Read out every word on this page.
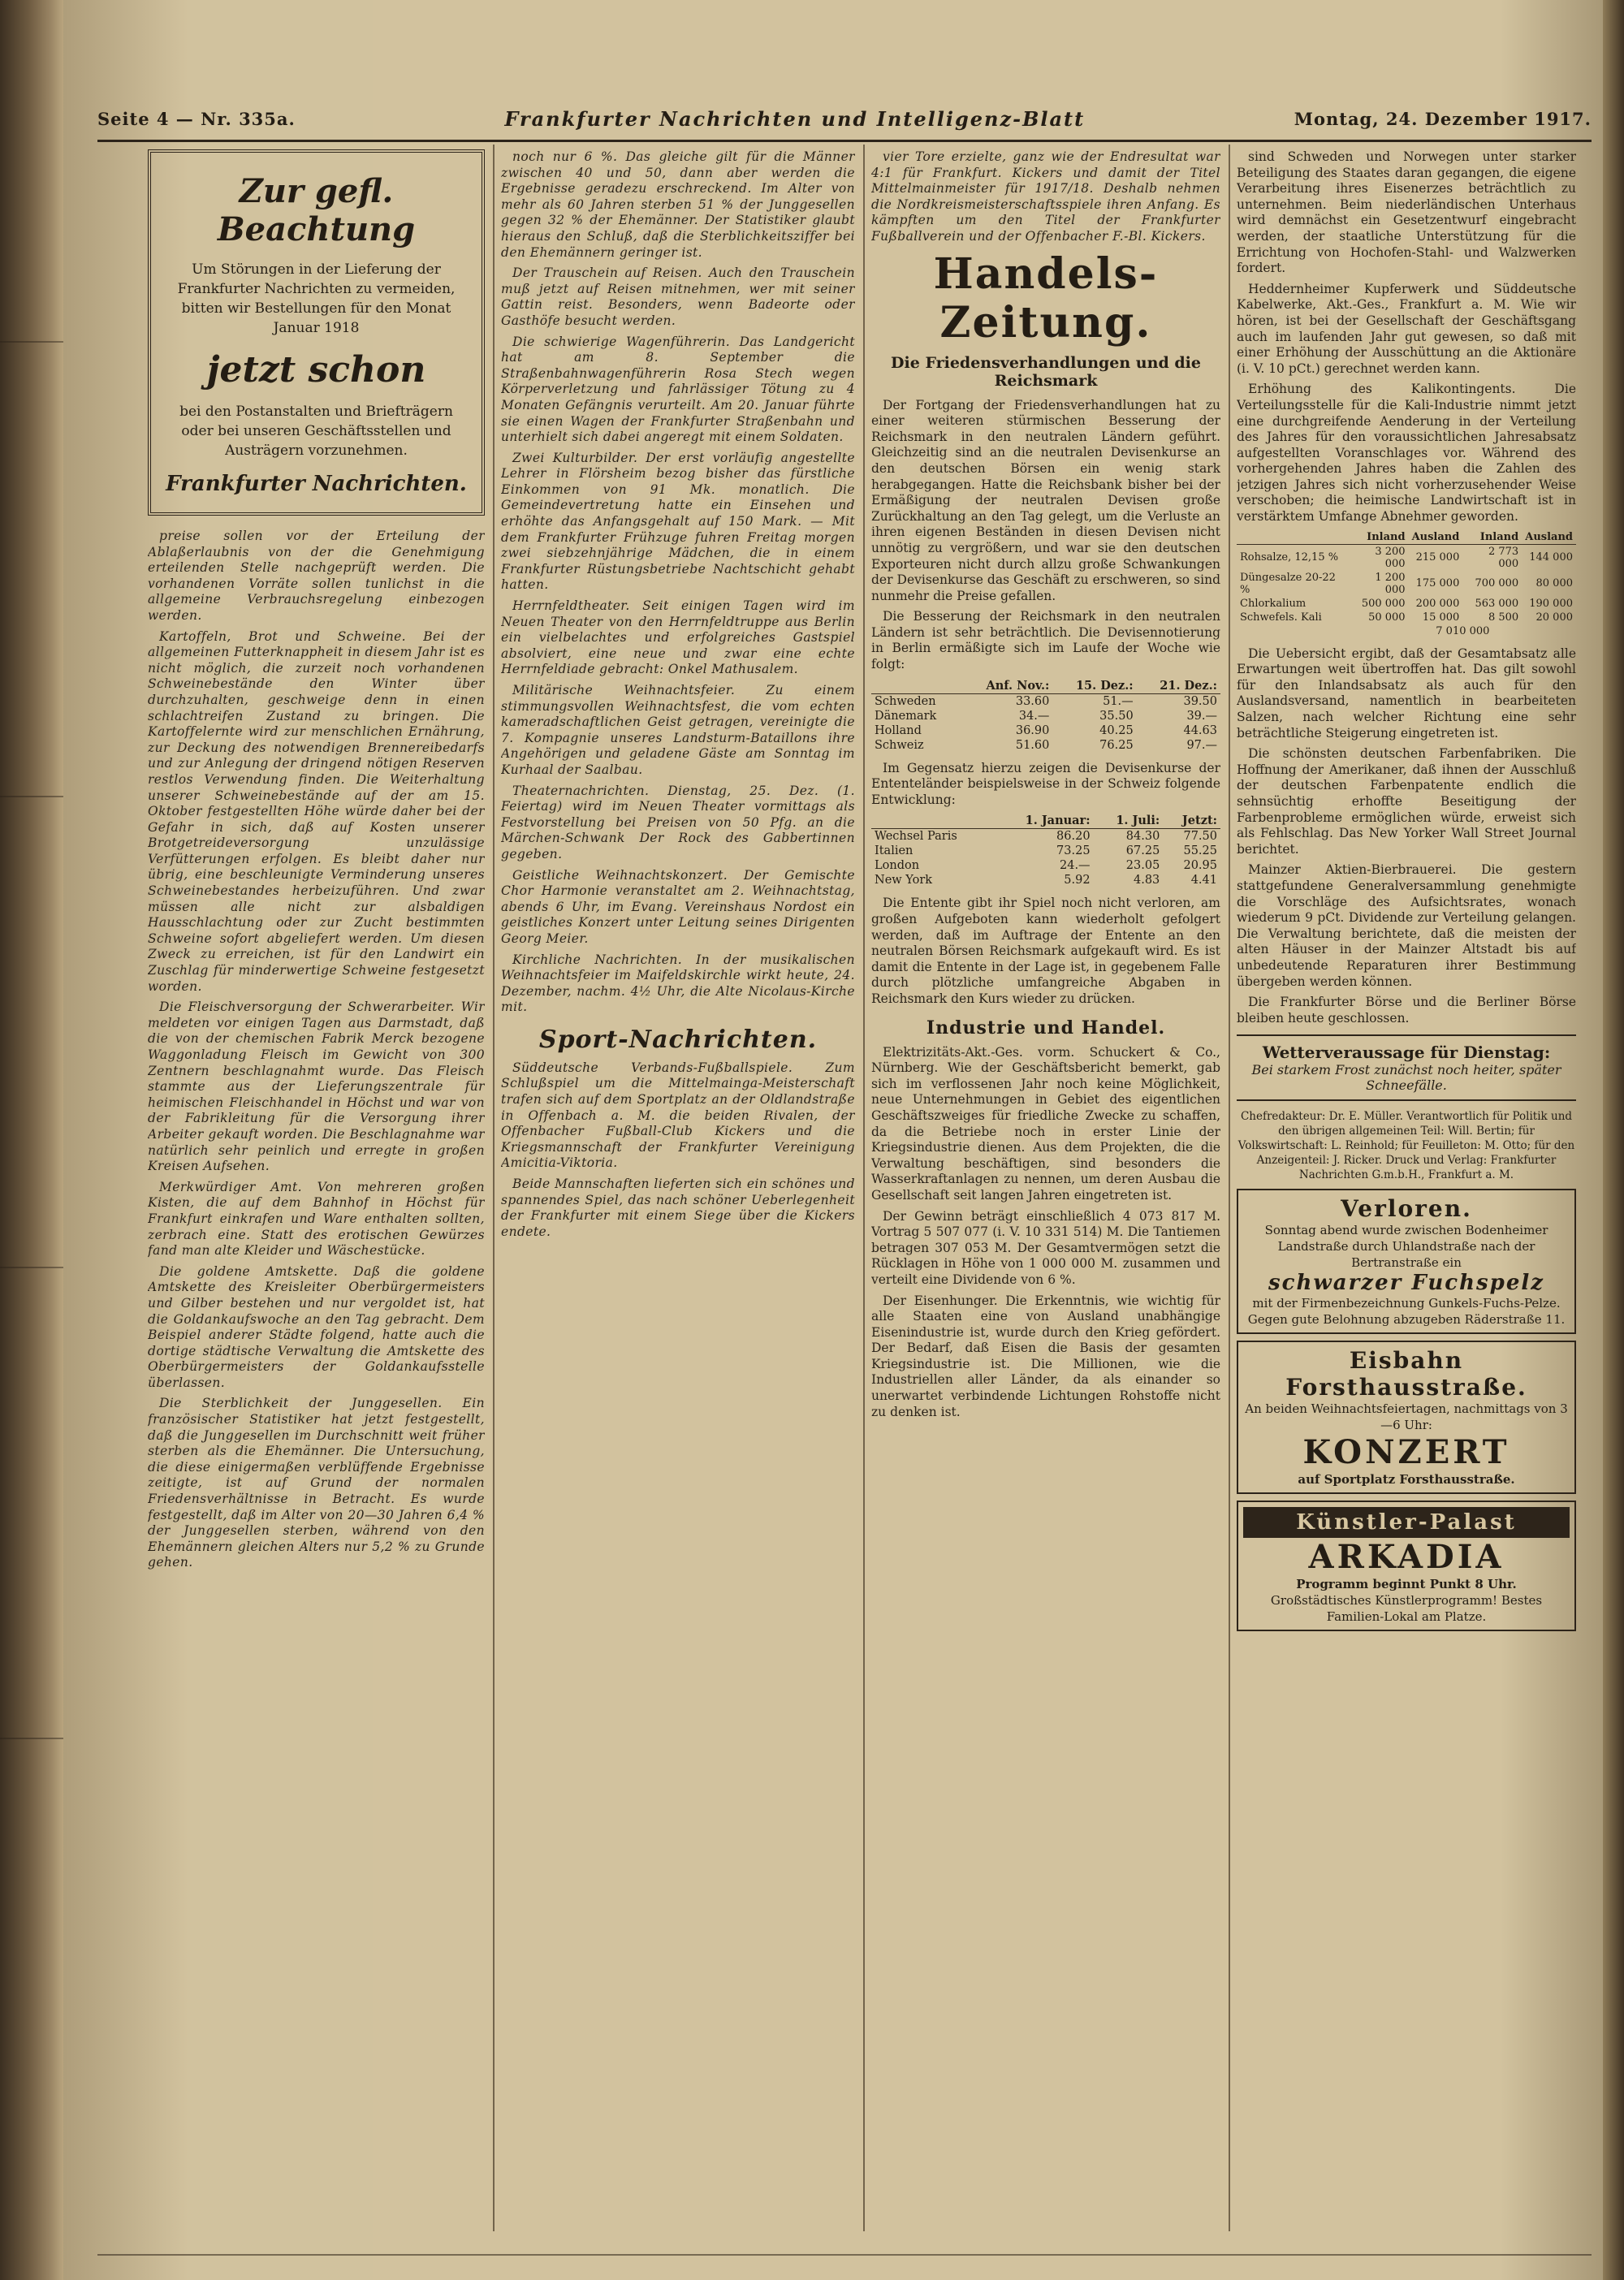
Seite 4 — Nr. 335a.	Frankfurter Nachrichten und Intelligenz-Blatt	Montag, 24. Dezember 1917.
Zur gefl. Beachtung

Um Störungen in der Lieferung der Frankfurter Nachrichten zu vermeiden, bitten wir Bestellungen für den Monat Januar 1918

jetzt schon

bei den Postanstalten und Briefträgern oder bei unseren Geschäftsstellen und Austrägern vorzunehmen.

Frankfurter Nachrichten.

preise sollen vor der Erteilung der Ablaßerlaubnis von der die Genehmigung erteilenden Stelle nachgeprüft werden. Die vorhandenen Vorräte sollen tunlichst in die allgemeine Verbrauchsregelung einbezogen werden.

Kartoffeln, Brot und Schweine. Bei der allgemeinen Futterknappheit in diesem Jahr ist es nicht möglich, die zurzeit noch vorhandenen Schweinebestände den Winter über durchzuhalten, geschweige denn in einen schlachtreifen Zustand zu bringen. Die Kartoffelernte wird zur menschlichen Ernährung, zur Deckung des notwendigen Brennereibedarfs und zur Anlegung der dringend nötigen Reserven restlos Verwendung finden. Die Weiterhaltung unserer Schweinebestände auf der am 15. Oktober festgestellten Höhe würde daher bei der Gefahr in sich, daß auf Kosten unserer Brotgetreideversorgung unzulässige Verfütterungen erfolgen. Es bleibt daher nur übrig, eine beschleunigte Verminderung unseres Schweinebestandes herbeizuführen. Und zwar müssen alle nicht zur alsbaldigen Hausschlachtung oder zur Zucht bestimmten Schweine sofort abgeliefert werden. Um diesen Zweck zu erreichen, ist für den Landwirt ein Zuschlag für minderwertige Schweine festgesetzt worden.

Die Fleischversorgung der Schwerarbeiter. Wir meldeten vor einigen Tagen aus Darmstadt, daß die von der chemischen Fabrik Merck bezogene Waggonladung Fleisch im Gewicht von 300 Zentnern beschlagnahmt wurde. Das Fleisch stammte aus der Lieferungszentrale für heimischen Fleischhandel in Höchst und war von der Fabrikleitung für die Versorgung ihrer Arbeiter gekauft worden. Die Beschlagnahme war natürlich sehr peinlich und erregte in großen Kreisen Aufsehen.

Merkwürdiger Amt. Von mehreren großen Kisten, die auf dem Bahnhof in Höchst für Frankfurt einkrafen und Ware enthalten sollten, zerbrach eine. Statt des erotischen Gewürzes fand man alte Kleider und Wäschestücke.

Die goldene Amtskette. Daß die goldene Amtskette des Kreisleiter Oberbürgermeisters und Gilber bestehen und nur vergoldet ist, hat die Goldankaufswoche an den Tag gebracht. Dem Beispiel anderer Städte folgend, hatte auch die dortige städtische Verwaltung die Amtskette des Oberbürgermeisters der Goldankaufsstelle überlassen.

Die Sterblichkeit der Junggesellen. Ein französischer Statistiker hat jetzt festgestellt, daß die Junggesellen im Durchschnitt weit früher sterben als die Ehemänner. Die Untersuchung, die diese einigermaßen verblüffende Ergebnisse zeitigte, ist auf Grund der normalen Friedensverhältnisse in Betracht. Es wurde festgestellt, daß im Alter von 20—30 Jahren 6,4 % der Junggesellen sterben, während von den Ehemännern gleichen Alters nur 5,2 % zu Grunde gehen.

noch nur 6 %. Das gleiche gilt für die Männer zwischen 40 und 50, dann aber werden die Ergebnisse geradezu erschreckend. Im Alter von mehr als 60 Jahren sterben 51 % der Junggesellen gegen 32 % der Ehemänner. Der Statistiker glaubt hieraus den Schluß, daß die Sterblichkeitsziffer bei den Ehemännern geringer ist.

Der Trauschein auf Reisen. Auch den Trauschein muß jetzt auf Reisen mitnehmen, wer mit seiner Gattin reist. Besonders, wenn Badeorte oder Gasthöfe besucht werden.

Die schwierige Wagenführerin. Das Landgericht hat am 8. September die Straßenbahnwagenführerin Rosa Stech wegen Körperverletzung und fahrlässiger Tötung zu 4 Monaten Gefängnis verurteilt. Am 20. Januar führte sie einen Wagen der Frankfurter Straßenbahn und unterhielt sich dabei angeregt mit einem Soldaten.

Zwei Kulturbilder. Der erst vorläufig angestellte Lehrer in Flörsheim bezog bisher das fürstliche Einkommen von 91 Mk. monatlich. Die Gemeindevertretung hatte ein Einsehen und erhöhte das Anfangsgehalt auf 150 Mark. — Mit dem Frankfurter Frühzuge fuhren Freitag morgen zwei siebzehnjährige Mädchen, die in einem Frankfurter Rüstungsbetriebe Nachtschicht gehabt hatten.

Herrnfeldtheater. Seit einigen Tagen wird im Neuen Theater von den Herrnfeldtruppe aus Berlin ein vielbelachtes und erfolgreiches Gastspiel absolviert, eine neue und zwar eine echte Herrnfeldiade gebracht: Onkel Mathusalem.

Militärische Weihnachtsfeier. Zu einem stimmungsvollen Weihnachtsfest, die vom echten kameradschaftlichen Geist getragen, vereinigte die 7. Kompagnie unseres Landsturm-Bataillons ihre Angehörigen und geladene Gäste am Sonntag im Kurhaal der Saalbau.

Theaternachrichten. Dienstag, 25. Dez. (1. Feiertag) wird im Neuen Theater vormittags als Festvorstellung bei Preisen von 50 Pfg. an die Märchen-Schwank Der Rock des Gabbertinnen gegeben.

Geistliche Weihnachtskonzert. Der Gemischte Chor Harmonie veranstaltet am 2. Weihnachtstag, abends 6 Uhr, im Evang. Vereinshaus Nordost ein geistliches Konzert unter Leitung seines Dirigenten Georg Meier.

Kirchliche Nachrichten. In der musikalischen Weihnachtsfeier im Maifeldskirchle wirkt heute, 24. Dezember, nachm. 4½ Uhr, die Alte Nicolaus-Kirche mit.

Sport-Nachrichten.

Süddeutsche Verbands-Fußballspiele. Zum Schlußspiel um die Mittelmainga-Meisterschaft trafen sich auf dem Sportplatz an der Oldlandstraße in Offenbach a. M. die beiden Rivalen, der Offenbacher Fußball-Club Kickers und die Kriegsmannschaft der Frankfurter Vereinigung Amicitia-Viktoria.

Beide Mannschaften lieferten sich ein schönes und spannendes Spiel, das nach schöner Ueberlegenheit der Frankfurter mit einem Siege über die Kickers endete.

vier Tore erzielte, ganz wie der Endresultat war 4:1 für Frankfurt. Kickers und damit der Titel Mittelmainmeister für 1917/18. Deshalb nehmen die Nordkreismeisterschaftsspiele ihren Anfang. Es kämpften um den Titel der Frankfurter Fußballverein und der Offenbacher F.-Bl. Kickers.

Handels-Zeitung.
Die Friedensverhandlungen und die Reichsmark

Der Fortgang der Friedensverhandlungen hat zu einer weiteren stürmischen Besserung der Reichsmark in den neutralen Ländern geführt. Gleichzeitig sind an die neutralen Devisenkurse an den deutschen Börsen ein wenig stark herabgegangen. Hatte die Reichsbank bisher bei der Ermäßigung der neutralen Devisen große Zurückhaltung an den Tag gelegt, um die Verluste an ihren eigenen Beständen in diesen Devisen nicht unnötig zu vergrößern, und war sie den deutschen Exporteuren nicht durch allzu große Schwankungen der Devisenkurse das Geschäft zu erschweren, so sind nunmehr die Preise gefallen.

Die Besserung der Reichsmark in den neutralen Ländern ist sehr beträchtlich. Die Devisennotierung in Berlin ermäßigte sich im Laufe der Woche wie folgt:

	Anf. Nov.:	15. Dez.:	21. Dez.:
Schweden	33.60	51.—	39.50
Dänemark	34.—	35.50	39.—
Holland	36.90	40.25	44.63
Schweiz	51.60	76.25	97.—

Im Gegensatz hierzu zeigen die Devisenkurse der Ententeländer beispielsweise in der Schweiz folgende Entwicklung:

	1. Januar:	1. Juli:	Jetzt:
Wechsel Paris	86.20	84.30	77.50
Italien	73.25	67.25	55.25
London	24.—	23.05	20.95
New York	5.92	4.83	4.41

Die Entente gibt ihr Spiel noch nicht verloren, am großen Aufgeboten kann wiederholt gefolgert werden, daß im Auftrage der Entente an den neutralen Börsen Reichsmark aufgekauft wird. Es ist damit die Entente in der Lage ist, in gegebenem Falle durch plötzliche umfangreiche Abgaben in Reichsmark den Kurs wieder zu drücken.

Industrie und Handel.

Elektrizitäts-Akt.-Ges. vorm. Schuckert & Co., Nürnberg. Wie der Geschäftsbericht bemerkt, gab sich im verflossenen Jahr noch keine Möglichkeit, neue Unternehmungen in Gebiet des eigentlichen Geschäftszweiges für friedliche Zwecke zu schaffen, da die Betriebe noch in erster Linie der Kriegsindustrie dienen. Aus dem Projekten, die die Verwaltung beschäftigen, sind besonders die Wasserkraftanlagen zu nennen, um deren Ausbau die Gesellschaft seit langen Jahren eingetreten ist.

Der Gewinn beträgt einschließlich 4 073 817 M. Vortrag 5 507 077 (i. V. 10 331 514) M. Die Tantiemen betragen 307 053 M. Der Gesamtvermögen setzt die Rücklagen in Höhe von 1 000 000 M. zusammen und verteilt eine Dividende von 6 %.

Der Eisenhunger. Die Erkenntnis, wie wichtig für alle Staaten eine von Ausland unabhängige Eisenindustrie ist, wurde durch den Krieg gefördert. Der Bedarf, daß Eisen die Basis der gesamten Kriegsindustrie ist. Die Millionen, wie die Industriellen aller Länder, da als einander so unerwartet verbindende Lichtungen Rohstoffe nicht zu denken ist.

sind Schweden und Norwegen unter starker Beteiligung des Staates daran gegangen, die eigene Verarbeitung ihres Eisenerzes beträchtlich zu unternehmen. Beim niederländischen Unterhaus wird demnächst ein Gesetzentwurf eingebracht werden, der staatliche Unterstützung für die Errichtung von Hochofen-Stahl- und Walzwerken fordert.

Heddernheimer Kupferwerk und Süddeutsche Kabelwerke, Akt.-Ges., Frankfurt a. M. Wie wir hören, ist bei der Gesellschaft der Geschäftsgang auch im laufenden Jahr gut gewesen, so daß mit einer Erhöhung der Ausschüttung an die Aktionäre (i. V. 10 pCt.) gerechnet werden kann.

Erhöhung des Kalikontingents. Die Verteilungsstelle für die Kali-Industrie nimmt jetzt eine durchgreifende Aenderung in der Verteilung des Jahres für den voraussichtlichen Jahresabsatz aufgestellten Voranschlages vor. Während des vorhergehenden Jahres haben die Zahlen des jetzigen Jahres sich nicht vorherzusehender Weise verschoben; die heimische Landwirtschaft ist in verstärktem Umfange Abnehmer geworden.

	Inland	Ausland	Inland	Ausland
Rohsalze, 12,15 %	3 200 000	215 000	2 773 000	144 000
Düngesalze 20-22 %	1 200 000	175 000	700 000	80 000
Chlorkalium	500 000	200 000	563 000	190 000
Schwefels. Kali	50 000	15 000	8 500	20 000
	7 010 000			

Die Uebersicht ergibt, daß der Gesamtabsatz alle Erwartungen weit übertroffen hat. Das gilt sowohl für den Inlandsabsatz als auch für den Auslandsversand, namentlich in bearbeiteten Salzen, nach welcher Richtung eine sehr beträchtliche Steigerung eingetreten ist.

Die schönsten deutschen Farbenfabriken. Die Hoffnung der Amerikaner, daß ihnen der Ausschluß der deutschen Farbenpatente endlich die sehnsüchtig erhoffte Beseitigung der Farbenprobleme ermöglichen würde, erweist sich als Fehlschlag. Das New Yorker Wall Street Journal berichtet.

Mainzer Aktien-Bierbrauerei. Die gestern stattgefundene Generalversammlung genehmigte die Vorschläge des Aufsichtsrates, wonach wiederum 9 pCt. Dividende zur Verteilung gelangen. Die Verwaltung berichtete, daß die meisten der alten Häuser in der Mainzer Altstadt bis auf unbedeutende Reparaturen ihrer Bestimmung übergeben werden können.

Die Frankfurter Börse und die Berliner Börse bleiben heute geschlossen.

Wetterveraussage für Dienstag:
Bei starkem Frost zunächst noch heiter, später Schneefälle.
Chefredakteur: Dr. E. Müller. Verantwortlich für Politik und den übrigen allgemeinen Teil: Will. Bertin; für Volkswirtschaft: L. Reinhold; für Feuilleton: M. Otto; für den Anzeigenteil: J. Ricker. Druck und Verlag: Frankfurter Nachrichten G.m.b.H., Frankfurt a. M.
Verloren.
Sonntag abend wurde zwischen Bodenheimer Landstraße durch Uhlandstraße nach der Bertranstraße ein
schwarzer Fuchspelz
mit der Firmenbezeichnung Gunkels-Fuchs-Pelze. Gegen gute Belohnung abzugeben Räderstraße 11.
Eisbahn Forsthausstraße.
An beiden Weihnachtsfeiertagen, nachmittags von 3—6 Uhr:
KONZERT
auf Sportplatz Forsthausstraße.
Künstler-Palast
ARKADIA
Programm beginnt Punkt 8 Uhr.
Großstädtisches Künstlerprogramm! Bestes Familien-Lokal am Platze.
